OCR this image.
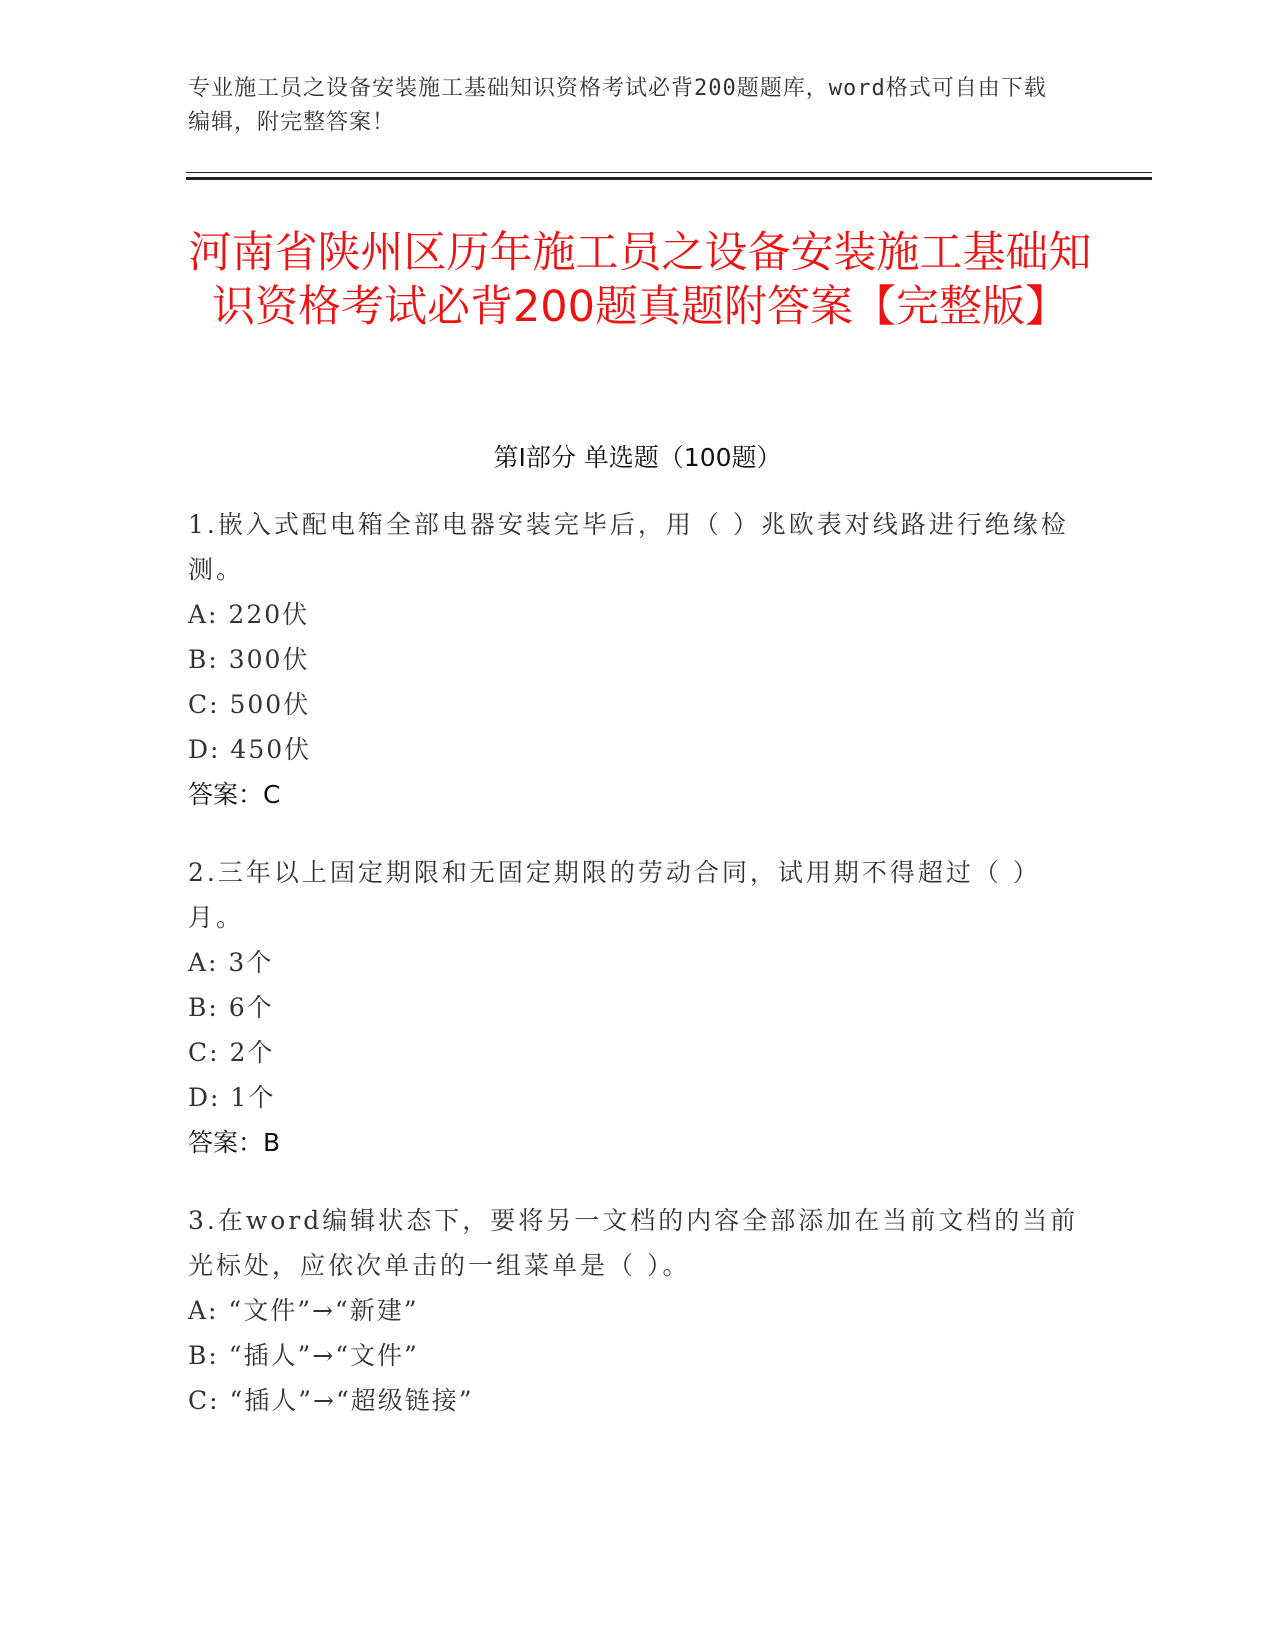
专业施工员之设备安装施工基础知识资格考试必背200题题库，word格式可自由下载编辑，附完整答案！
河南省陕州区历年施工员之设备安装施工基础知识资格考试必背200题真题附答案【完整版】
第Ⅰ部分 单选题（100题）
1.嵌入式配电箱全部电器安装完毕后，用（ ）兆欧表对线路进行绝缘检测。
A: 220伏
B: 300伏
C: 500伏
D: 450伏
答案：C
2.三年以上固定期限和无固定期限的劳动合同，试用期不得超过（ ）月。
A: 3个
B: 6个
C: 2个
D: 1个
答案：B
3.在word编辑状态下，要将另一文档的内容全部添加在当前文档的当前光标处，应依次单击的一组菜单是（ ）。
A: “文件”→“新建”
B: “插人”→“文件”
C: “插人”→“超级链接”
